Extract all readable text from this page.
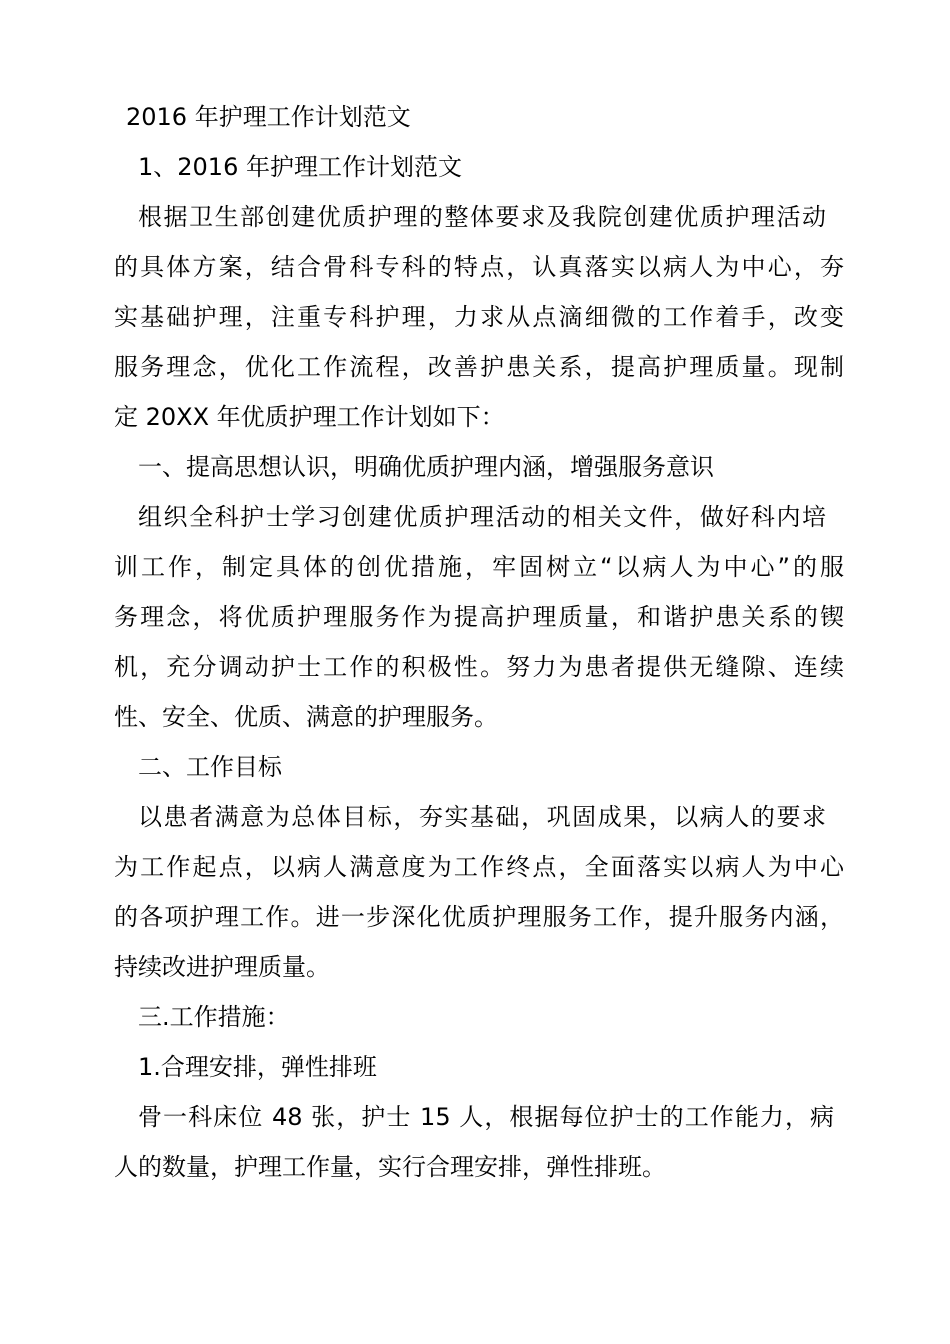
2016 年护理工作计划范文
1、2016 年护理工作计划范文
根据卫生部创建优质护理的整体要求及我院创建优质护理活动
的具体方案，结合骨科专科的特点，认真落实以病人为中心，夯
实基础护理，注重专科护理，力求从点滴细微的工作着手，改变
服务理念，优化工作流程，改善护患关系，提高护理质量。现制
定 20XX 年优质护理工作计划如下：
一、提高思想认识，明确优质护理内涵，增强服务意识
组织全科护士学习创建优质护理活动的相关文件，做好科内培
训工作，制定具体的创优措施，牢固树立“以病人为中心”的服
务理念，将优质护理服务作为提高护理质量，和谐护患关系的锲
机，充分调动护士工作的积极性。努力为患者提供无缝隙、连续
性、安全、优质、满意的护理服务。
二、工作目标
以患者满意为总体目标，夯实基础，巩固成果，以病人的要求
为工作起点，以病人满意度为工作终点，全面落实以病人为中心
的各项护理工作。进一步深化优质护理服务工作，提升服务内涵，
持续改进护理质量。
三.工作措施：
1.合理安排，弹性排班
骨一科床位 48 张，护士 15 人，根据每位护士的工作能力，病
人的数量，护理工作量，实行合理安排，弹性排班。
